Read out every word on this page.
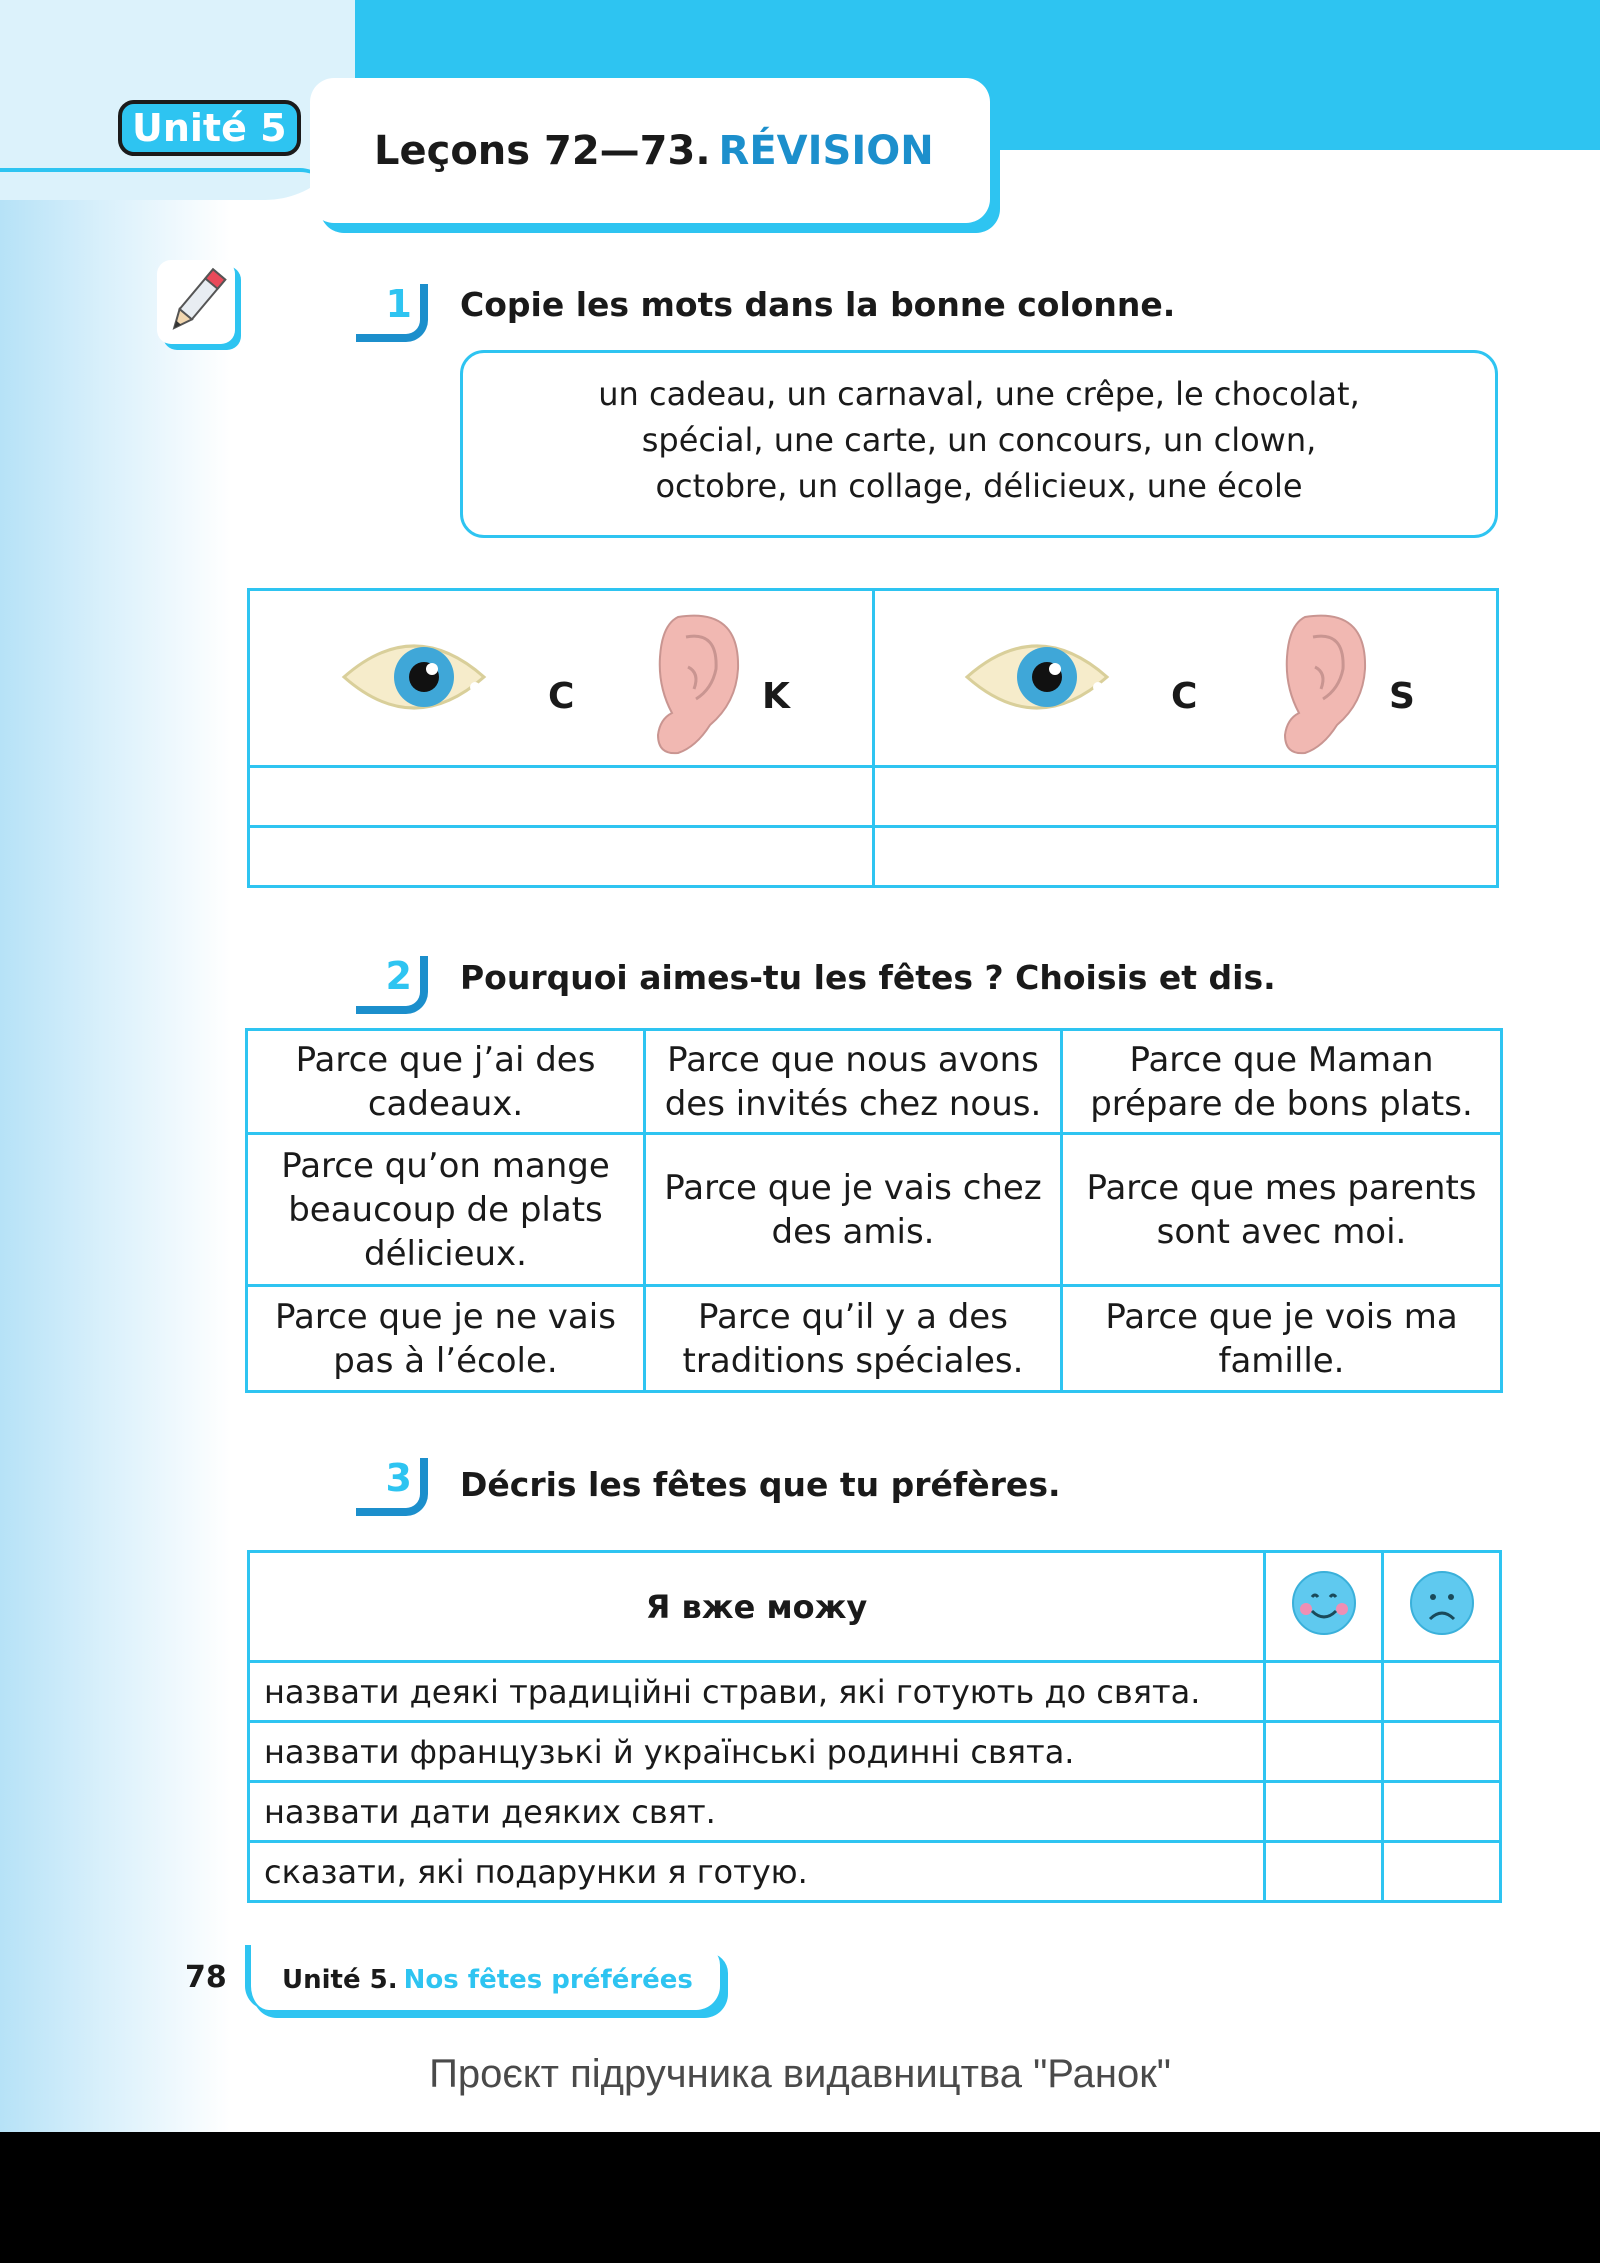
Unité 5	Leçons 72—73. RÉVISION
1 Copie les mots dans la bonne colonne.
un cadeau, un carnaval, une crêpe, le chocolat,
spécial, une carte, un concours, un clown,
octobre, un collage, délicieux, une école
C K	C S

2 Pourquoi aimes-tu les fêtes ? Choisis et dis.
Parce que j’ai des cadeaux.	Parce que nous avons des invités chez nous.	Parce que Maman prépare de bons plats.
Parce qu’on mange beaucoup de plats délicieux.	Parce que je vais chez des amis.	Parce que mes parents sont avec moi.
Parce que je ne vais pas à l’école.	Parce qu’il y a des traditions spéciales.	Parce que je vois ma famille.
3 Décris les fêtes que tu préfères.
Я вже можу		
назвати деякі традиційні страви, які готують до свята.		
назвати французькі й українські родинні свята.		
назвати дати деяких свят.		
сказати, які подарунки я готую.		
78 Unité 5. Nos fêtes préférées
Проєкт підручника видавництва "Ранок"
